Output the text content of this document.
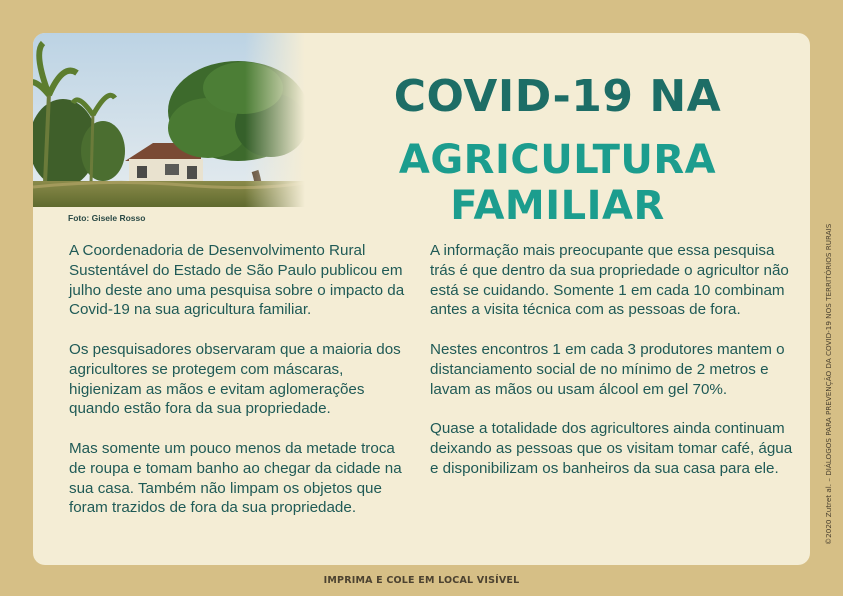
Foto: Gisele Rosso
COVID-19 NA
AGRICULTURA FAMILIAR

A Coordenadoria de Desenvolvimento Rural Sustentável do Estado de São Paulo publicou em julho deste ano uma pesquisa sobre o impacto da Covid-19 na sua agricultura familiar.

Os pesquisadores observaram que a maioria dos agricultores se protegem com máscaras, higienizam as mãos e evitam aglomerações quando estão fora da sua propriedade.

Mas somente um pouco menos da metade troca de roupa e tomam banho ao chegar da cidade na sua casa. Também não limpam os objetos que foram trazidos de fora da sua propriedade.

A informação mais preocupante que essa pesquisa trás é que dentro da sua propriedade o agricultor não está se cuidando. Somente 1 em cada 10 combinam antes a visita técnica com as pessoas de fora.

Nestes encontros 1 em cada 3 produtores mantem o distanciamento social de no mínimo de 2 metros e lavam as mãos ou usam álcool em gel 70%.

Quase a totalidade dos agricultores ainda continuam deixando as pessoas que os visitam tomar café, água e disponibilizam os banheiros da sua casa para ele.

IMPRIMA E COLE EM LOCAL VISÍVEL
©2020 Zutret al. – DIÁLOGOS PARA PREVENÇÃO DA COVID-19 NOS TERRITÓRIOS RURAIS
